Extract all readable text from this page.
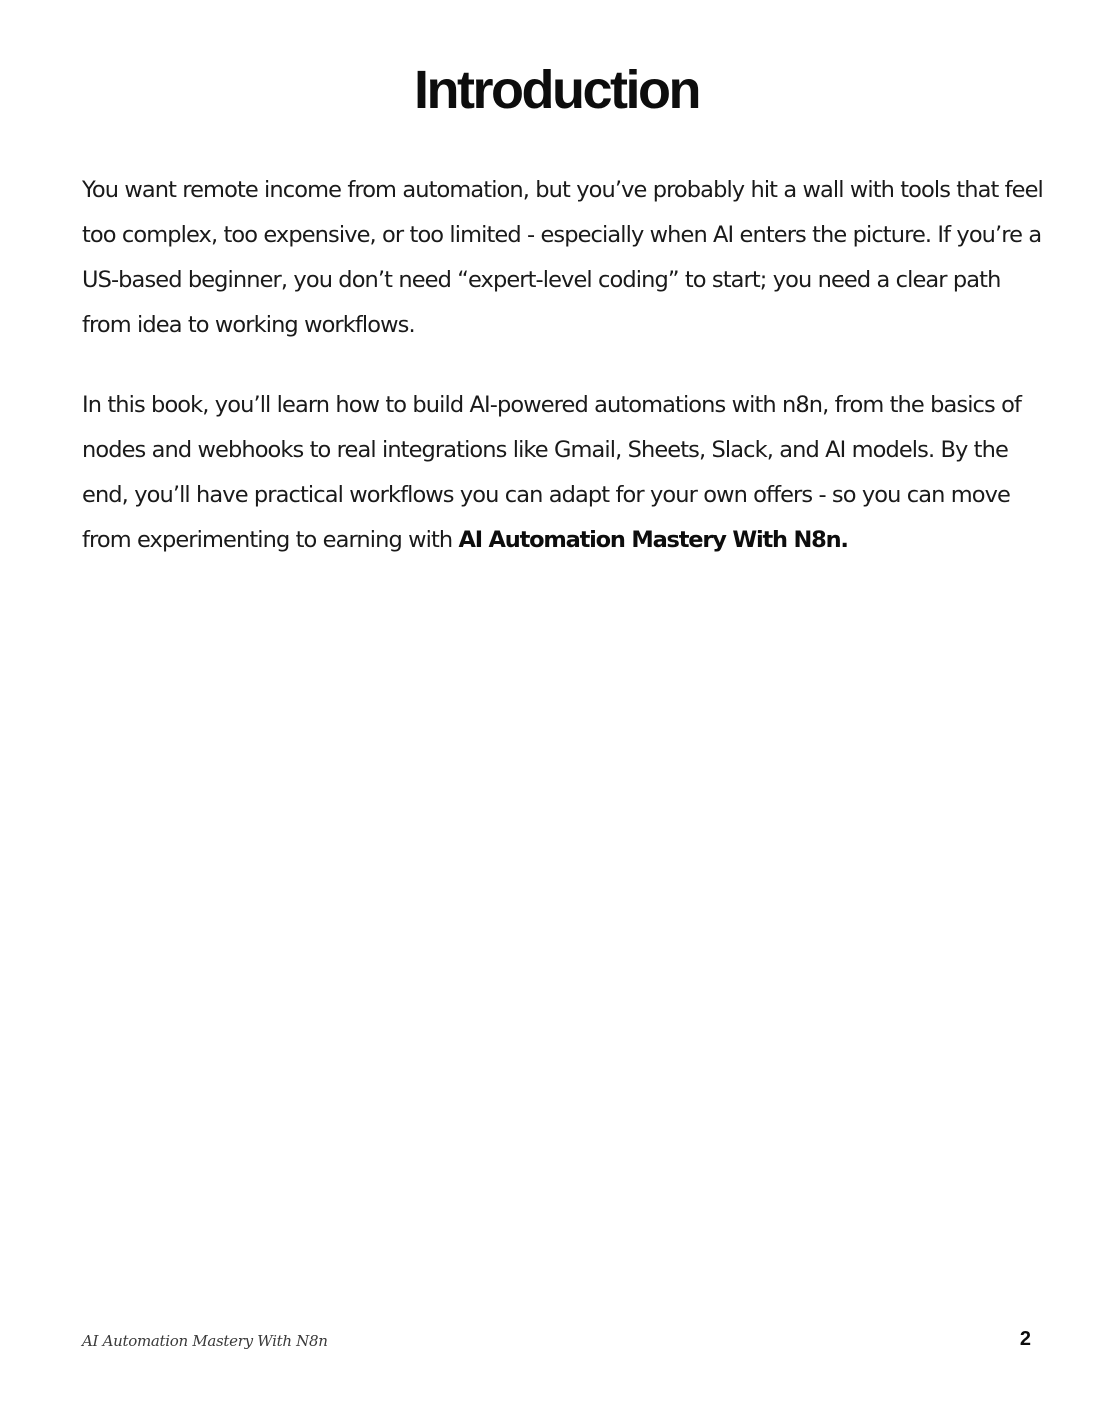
Introduction

You want remote income from automation, but you’ve probably hit a wall with tools that feel too complex, too expensive, or too limited - especially when AI enters the picture. If you’re a US-based beginner, you don’t need “expert-level coding” to start; you need a clear path from idea to working workflows.

In this book, you’ll learn how to build AI-powered automations with n8n, from the basics of nodes and webhooks to real integrations like Gmail, Sheets, Slack, and AI models. By the end, you’ll have practical workflows you can adapt for your own offers - so you can move from experimenting to earning with AI Automation Mastery With N8n.

AI Automation Mastery With N8n	2
